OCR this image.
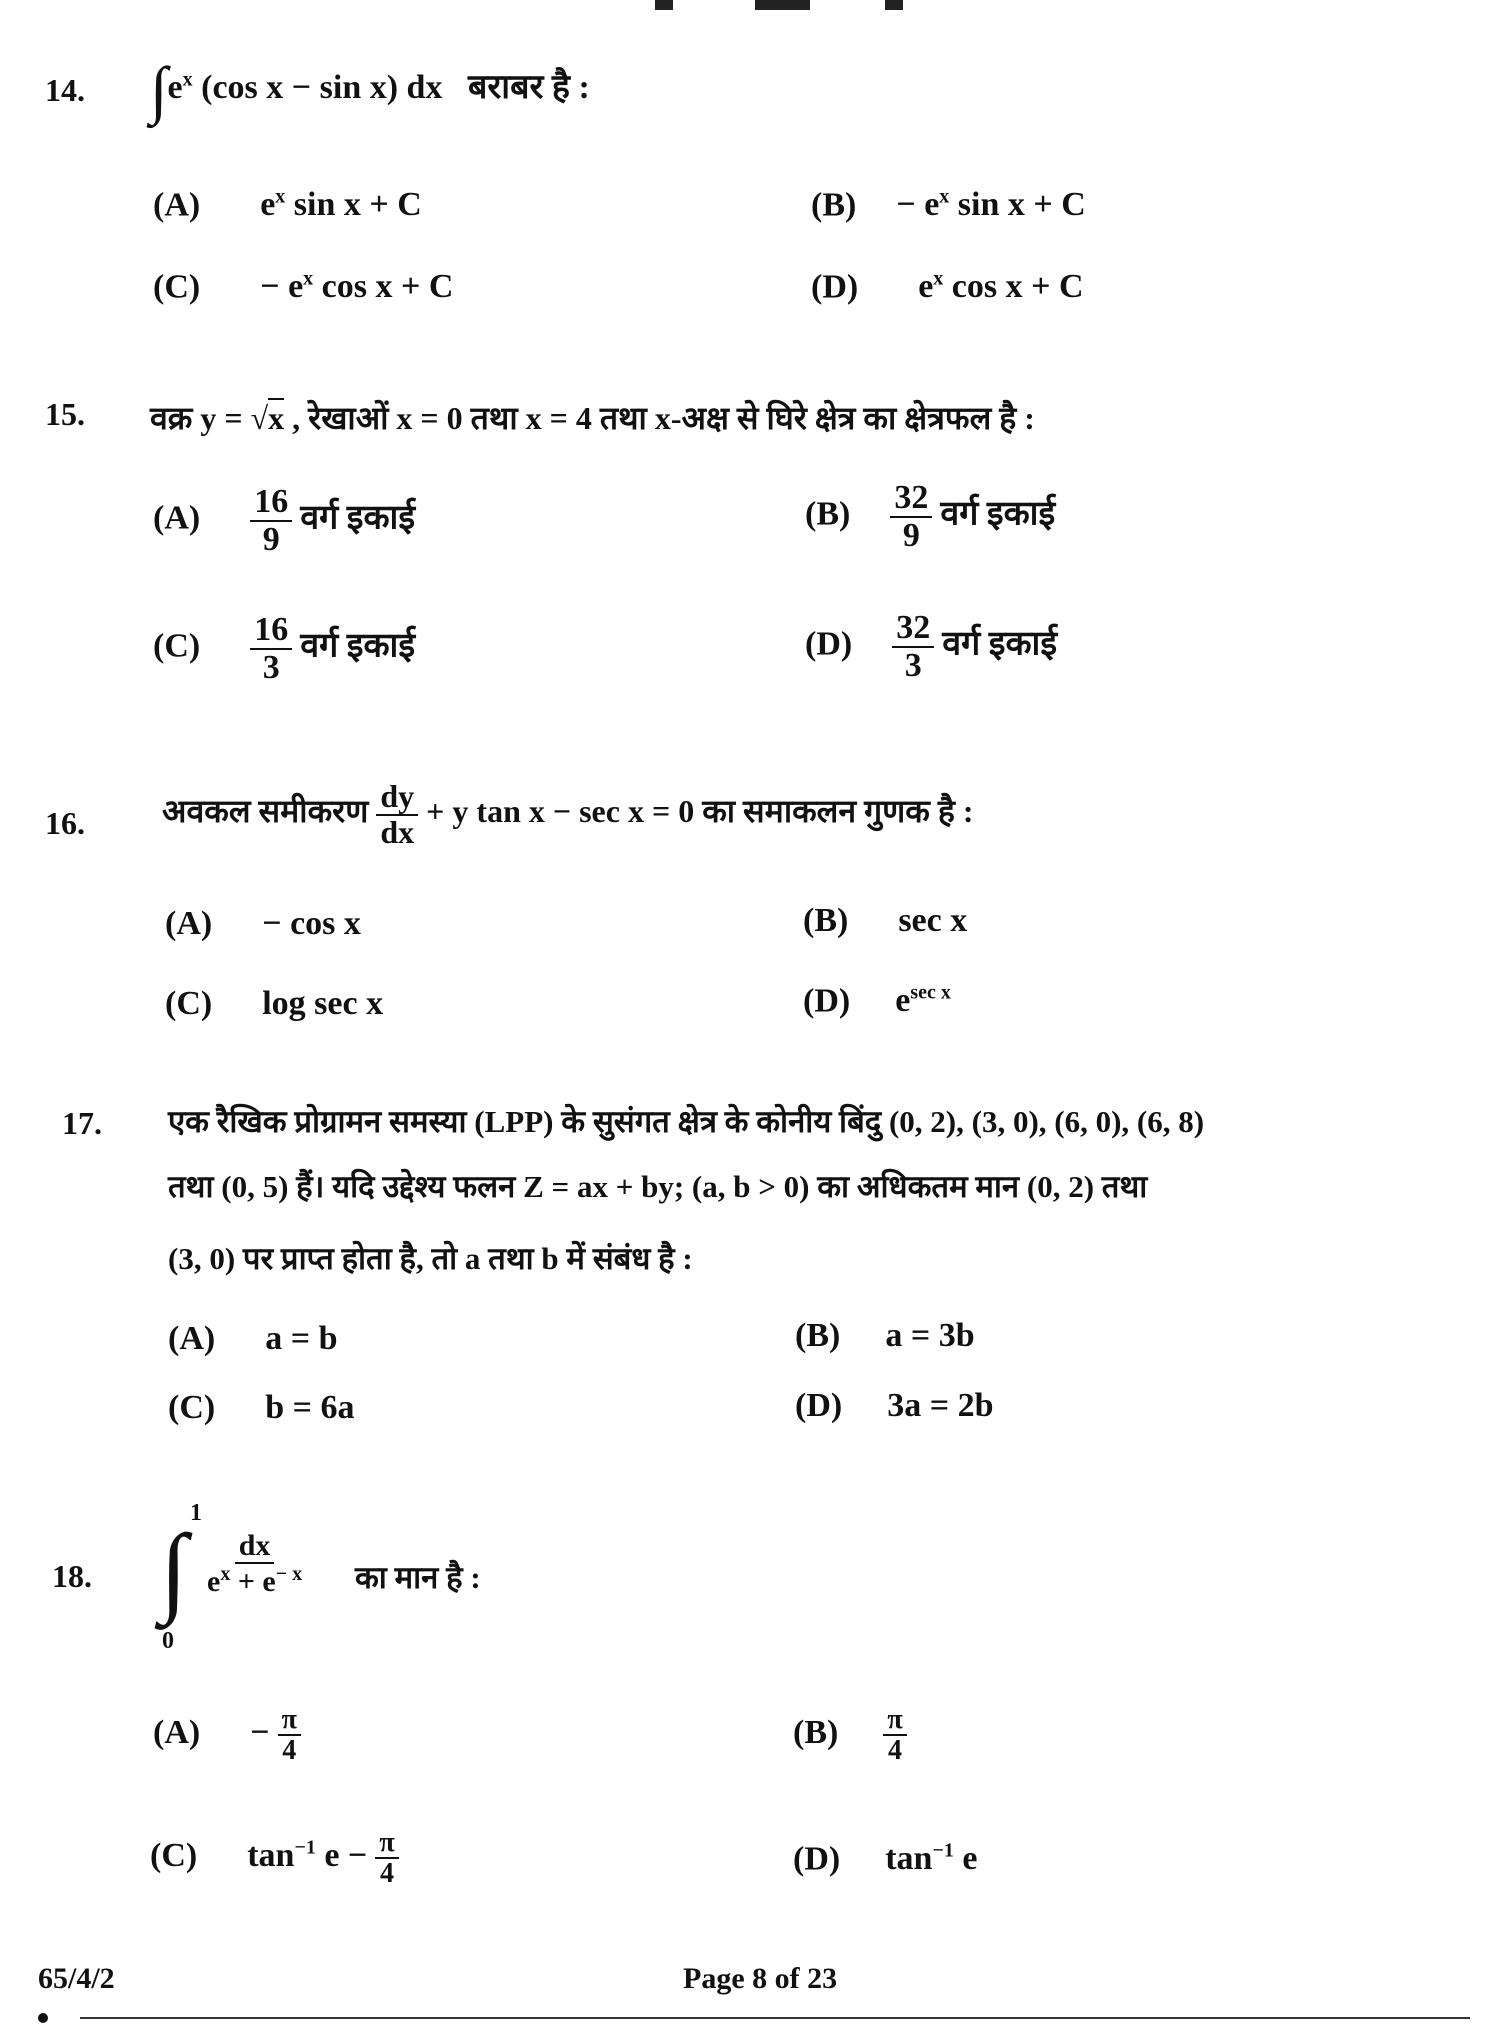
14. $\int e^x$ (cos x − sin x) dx बराबर है :
(A) $e^x$ sin x + C	$(B) - e^x$ sin x + C
$(C) - e^x$ cos x + C	(D) $e^x$ cos x + C
15. वक्र y = √x , रेखाओं x = 0 तथा x = 4 तथा x-अक्ष से घिरे क्षेत्र का क्षेत्रफल है :
$(A) \frac{16}{9}$ वर्ग इकाई	$(B) \frac{32}{9}$ वर्ग इकाई
$(C) \frac{16}{3}$ वर्ग इकाई	$(D) \frac{32}{3}$ वर्ग इकाई
16. अवकल समीकरण $\frac{dy}{dx} + y$ tan x − sec x = 0 का समाकलन गुणक है :
(A) − cos x	(B) sec x
(C) log sec x	(D) $e^{sec x}$
17. एक रैखिक प्रोग्रामन समस्या (LPP) के सुसंगत क्षेत्र के कोनीय बिंदु (0, 2), (3, 0), (6, 0), (6, 8)
तथा (0, 5) हैं। यदि उद्देश्य फलन Z = ax + by; (a, b > 0) का अधिकतम मान (0, 2) तथा
(3, 0) पर प्राप्त होता है, तो a तथा b में संबंध है :
(A) a = b	(B) a = 3b
(C) b = 6a	(D) 3a = 2b
18.
1
∫
0
$\frac{dx}{e^x + e^{- x}}$ का मान है :
$(A) - \frac{\pi}{4}$	$(B) \frac{\pi}{4}$
(C) $\tan^{-1} e - \frac{\pi}{4}$	(D) $\tan^{-1} e$
65/4/2	Page 8 of 23
